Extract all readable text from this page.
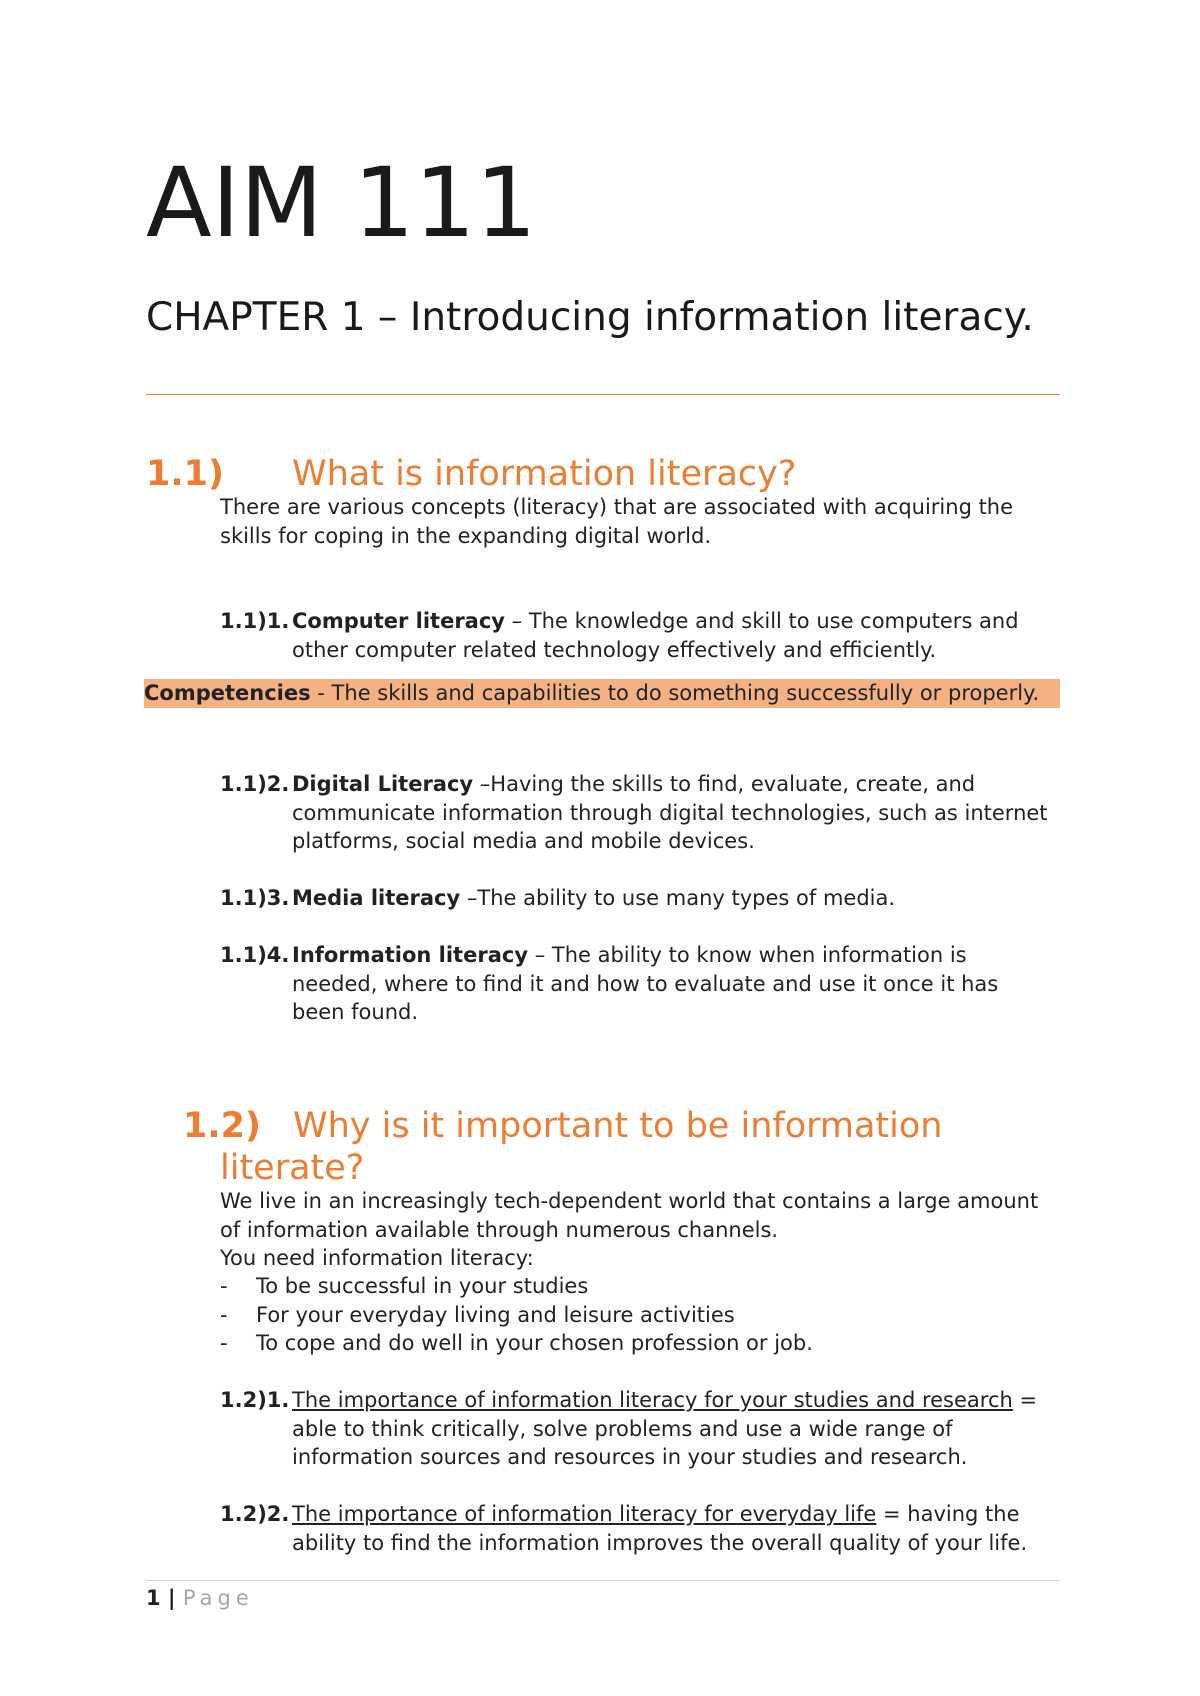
AIM 111
CHAPTER 1 – Introducing information literacy.
1.1) What is information literacy?

There are various concepts (literacy) that are associated with acquiring the skills for coping in the expanding digital world.

1.1)1. Computer literacy – The knowledge and skill to use computers and other computer related technology effectively and efficiently.
Competencies - The skills and capabilities to do something successfully or properly.
1.1)2. Digital Literacy –Having the skills to find, evaluate, create, and communicate information through digital technologies, such as internet platforms, social media and mobile devices.
1.1)3. Media literacy –The ability to use many types of media.
1.1)4. Information literacy – The ability to know when information is needed, where to find it and how to evaluate and use it once it has been found.
1.2) Why is it important to be information
literate?

We live in an increasingly tech-dependent world that contains a large amount of information available through numerous channels.

You need information literacy:

-	To be successful in your studies
-	For your everyday living and leisure activities
-	To cope and do well in your chosen profession or job.
1.2)1. The importance of information literacy for your studies and research = able to think critically, solve problems and use a wide range of information sources and resources in your studies and research.
1.2)2. The importance of information literacy for everyday life = having the ability to find the information improves the overall quality of your life.
1 | Page
